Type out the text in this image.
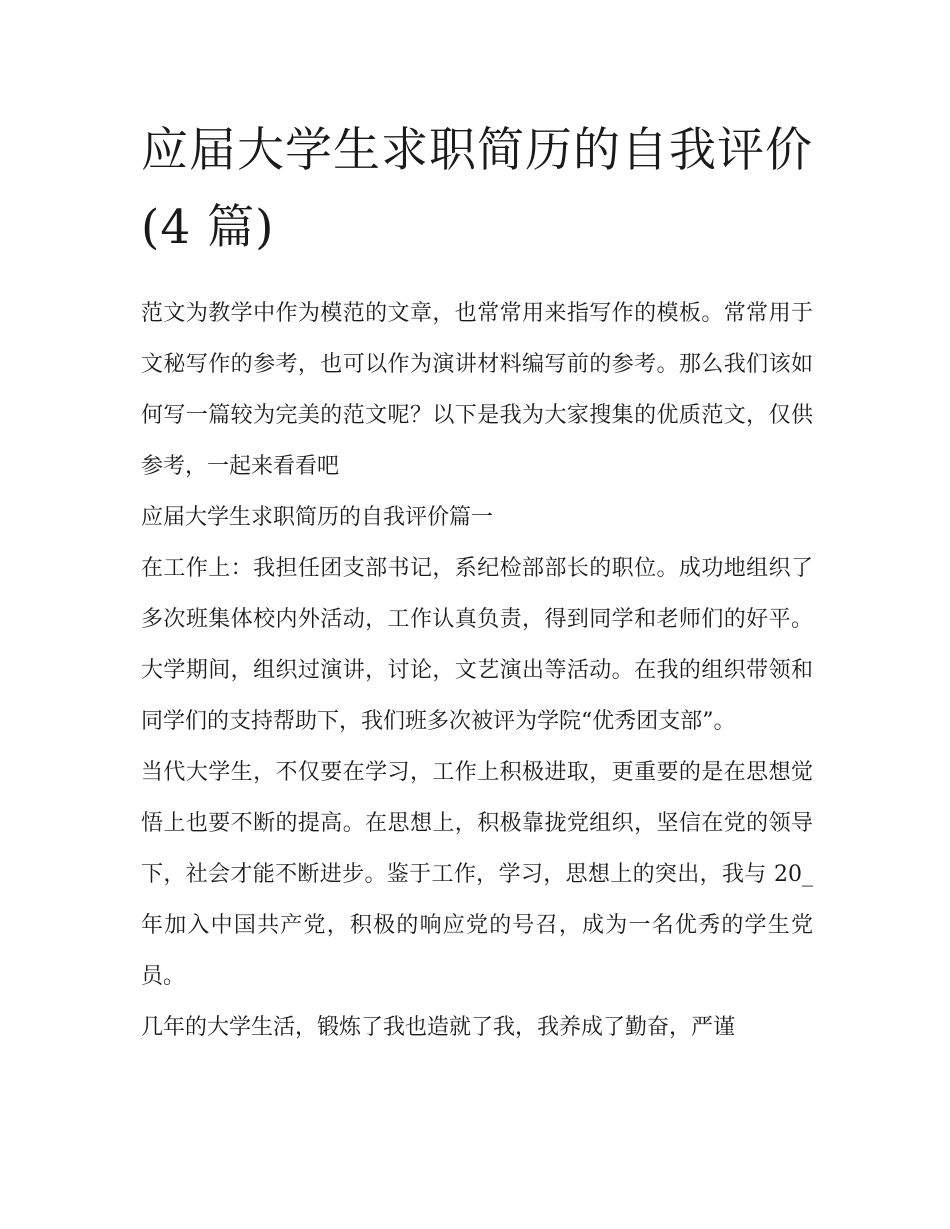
应届大学生求职简历的自我评价(4 篇)

范文为教学中作为模范的文章，也常常用来指写作的模板。常常用于文秘写作的参考，也可以作为演讲材料编写前的参考。那么我们该如何写一篇较为完美的范文呢？以下是我为大家搜集的优质范文，仅供参考，一起来看看吧

应届大学生求职简历的自我评价篇一

在工作上：我担任团支部书记，系纪检部部长的职位。成功地组织了多次班集体校内外活动，工作认真负责，得到同学和老师们的好平。大学期间，组织过演讲，讨论，文艺演出等活动。在我的组织带领和同学们的支持帮助下，我们班多次被评为学院“优秀团支部”。

当代大学生，不仅要在学习，工作上积极进取，更重要的是在思想觉悟上也要不断的提高。在思想上，积极靠拢党组织，坚信在党的领导下，社会才能不断进步。鉴于工作，学习，思想上的突出，我与 20_年加入中国共产党，积极的响应党的号召，成为一名优秀的学生党员。

几年的大学生活，锻炼了我也造就了我，我养成了勤奋，严谨
